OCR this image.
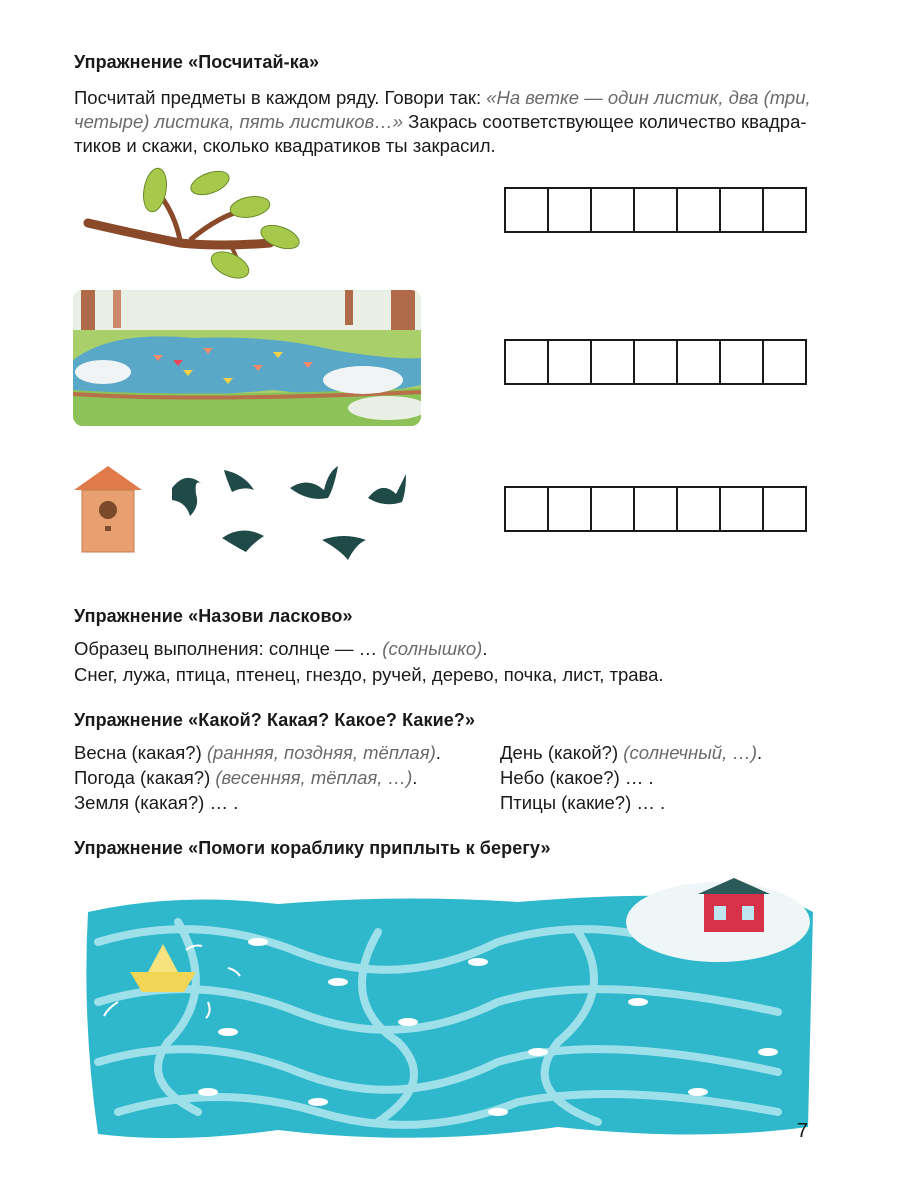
Упражнение «Посчитай-ка»
Посчитай предметы в каждом ряду. Говори так: «На ветке — один листик, два (три,
четыре) листика, пять листиков…» Закрась соответствующее количество квадра-
тиков и скажи, сколько квадратиков ты закрасил.
Упражнение «Назови ласково»
Образец выполнения: солнце — … (солнышко).
Снег, лужа, птица, птенец, гнездо, ручей, дерево, почка, лист, трава.
Упражнение «Какой? Какая? Какое? Какие?»
Весна (какая?) (ранняя, поздняя, тёплая).
Погода (какая?) (весенняя, тёплая, …).
Земля (какая?) … .
День (какой?) (солнечный, …).
Небо (какое?) … .
Птицы (какие?) … .
Упражнение «Помоги кораблику приплыть к берегу»
7
